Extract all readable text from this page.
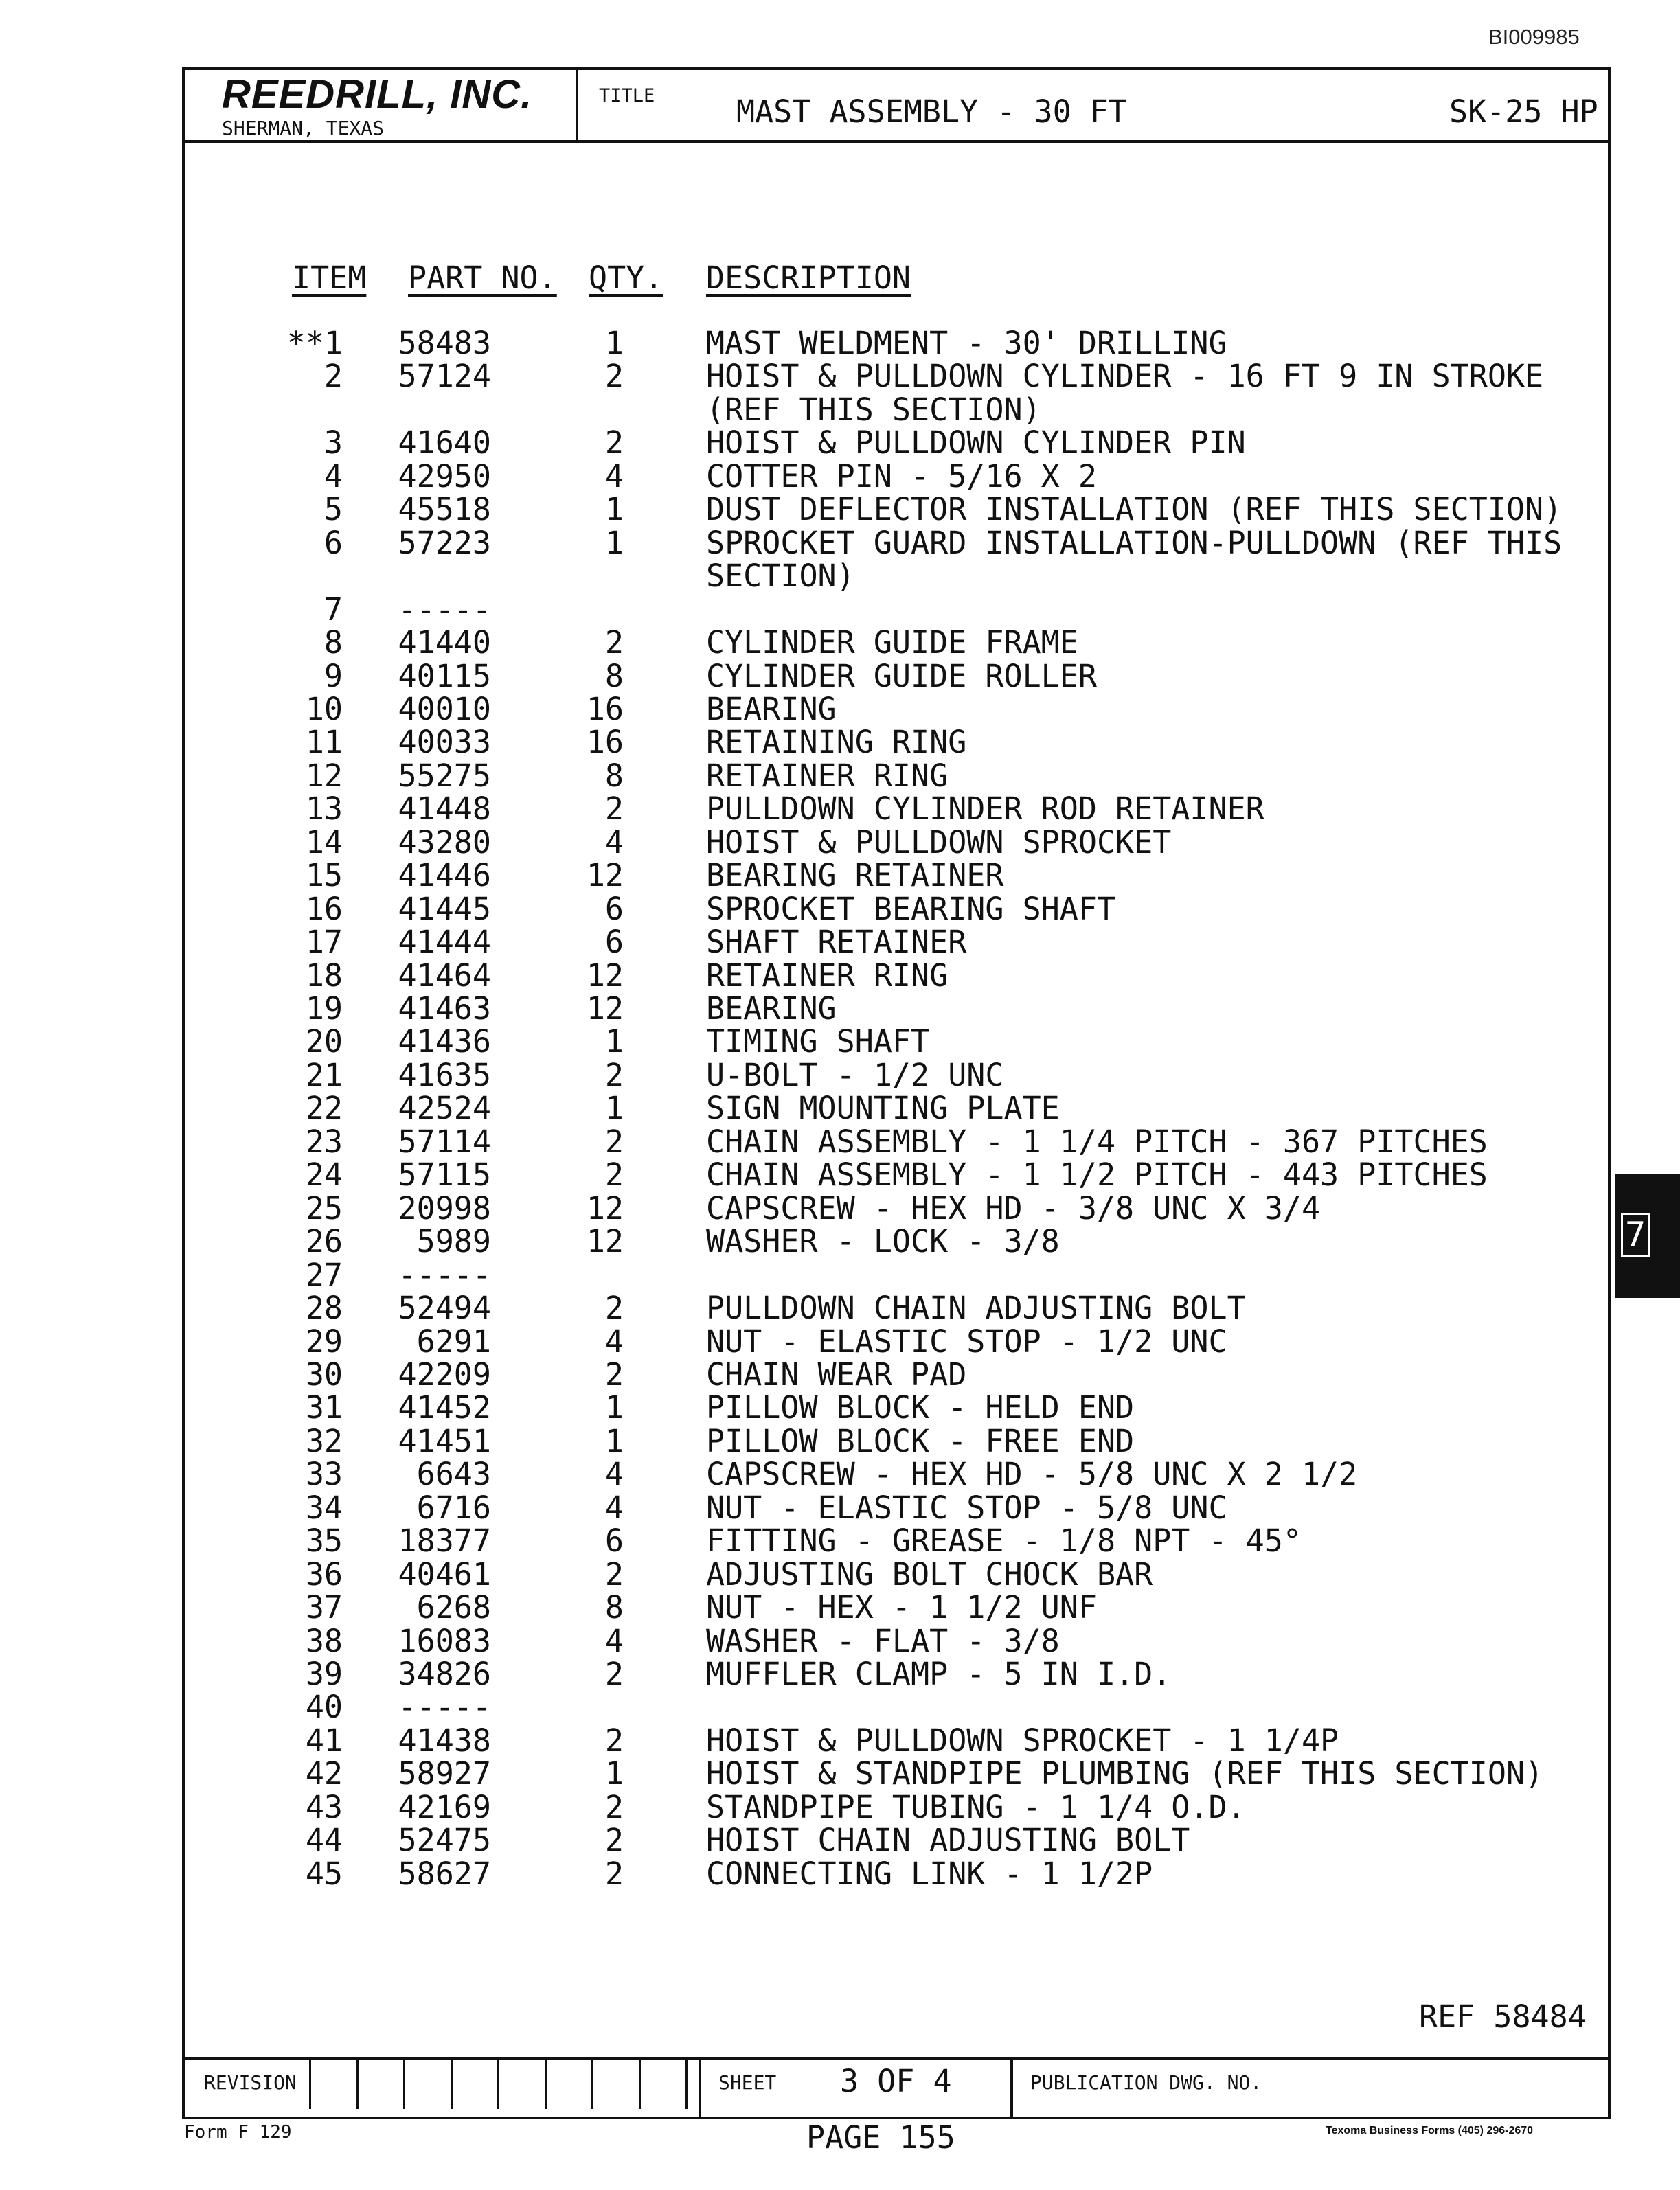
BI009985
REEDRILL, INC.
SHERMAN, TEXAS
TITLE	MAST ASSEMBLY - 30 FT	SK-25 HP
ITEM PART NO. QTY. DESCRIPTION
**1 58483	1	MAST WELDMENT - 30' DRILLING
2 57124	2	HOIST & PULLDOWN CYLINDER - 16 FT 9 IN STROKE
(REF THIS SECTION)
3 41640	2	HOIST & PULLDOWN CYLINDER PIN
4 42950	4	COTTER PIN - 5/16 X 2
5 45518	1	DUST DEFLECTOR INSTALLATION (REF THIS SECTION)
6 57223	1	SPROCKET GUARD INSTALLATION-PULLDOWN (REF THIS
SECTION)
7 -----
8 41440	2	CYLINDER GUIDE FRAME
9 40115	8	CYLINDER GUIDE ROLLER
10 40010	16	BEARING
11 40033	16	RETAINING RING
12 55275	8	RETAINER RING
13 41448	2	PULLDOWN CYLINDER ROD RETAINER
14 43280	4	HOIST & PULLDOWN SPROCKET
15 41446	12	BEARING RETAINER
16 41445	6	SPROCKET BEARING SHAFT
17 41444	6	SHAFT RETAINER
18 41464	12	RETAINER RING
19 41463	12	BEARING
20 41436	1	TIMING SHAFT
21 41635	2	U-BOLT - 1/2 UNC
22 42524	1	SIGN MOUNTING PLATE
23 57114	2	CHAIN ASSEMBLY - 1 1/4 PITCH - 367 PITCHES
24 57115	2	CHAIN ASSEMBLY - 1 1/2 PITCH - 443 PITCHES
25 20998	12	CAPSCREW - HEX HD - 3/8 UNC X 3/4
26 5989	12	WASHER - LOCK - 3/8
27 -----
28 52494	2	PULLDOWN CHAIN ADJUSTING BOLT
29 6291	4	NUT - ELASTIC STOP - 1/2 UNC
30 42209	2	CHAIN WEAR PAD
31 41452	1	PILLOW BLOCK - HELD END
32 41451	1	PILLOW BLOCK - FREE END
33 6643	4	CAPSCREW - HEX HD - 5/8 UNC X 2 1/2
34 6716	4	NUT - ELASTIC STOP - 5/8 UNC
35 18377	6	FITTING - GREASE - 1/8 NPT - 45°
36 40461	2	ADJUSTING BOLT CHOCK BAR
37 6268	8	NUT - HEX - 1 1/2 UNF
38 16083	4	WASHER - FLAT - 3/8
39 34826	2	MUFFLER CLAMP - 5 IN I.D.
40 -----
41 41438	2	HOIST & PULLDOWN SPROCKET - 1 1/4P
42 58927	1	HOIST & STANDPIPE PLUMBING (REF THIS SECTION)
43 42169	2	STANDPIPE TUBING - 1 1/4 O.D.
44 52475	2	HOIST CHAIN ADJUSTING BOLT
45 58627	2	CONNECTING LINK - 1 1/2P
REF 58484
REVISION	SHEET 3 OF 4	PUBLICATION DWG. NO.
Form F 129	PAGE 155	Texoma Business Forms (405) 296-2670
7
